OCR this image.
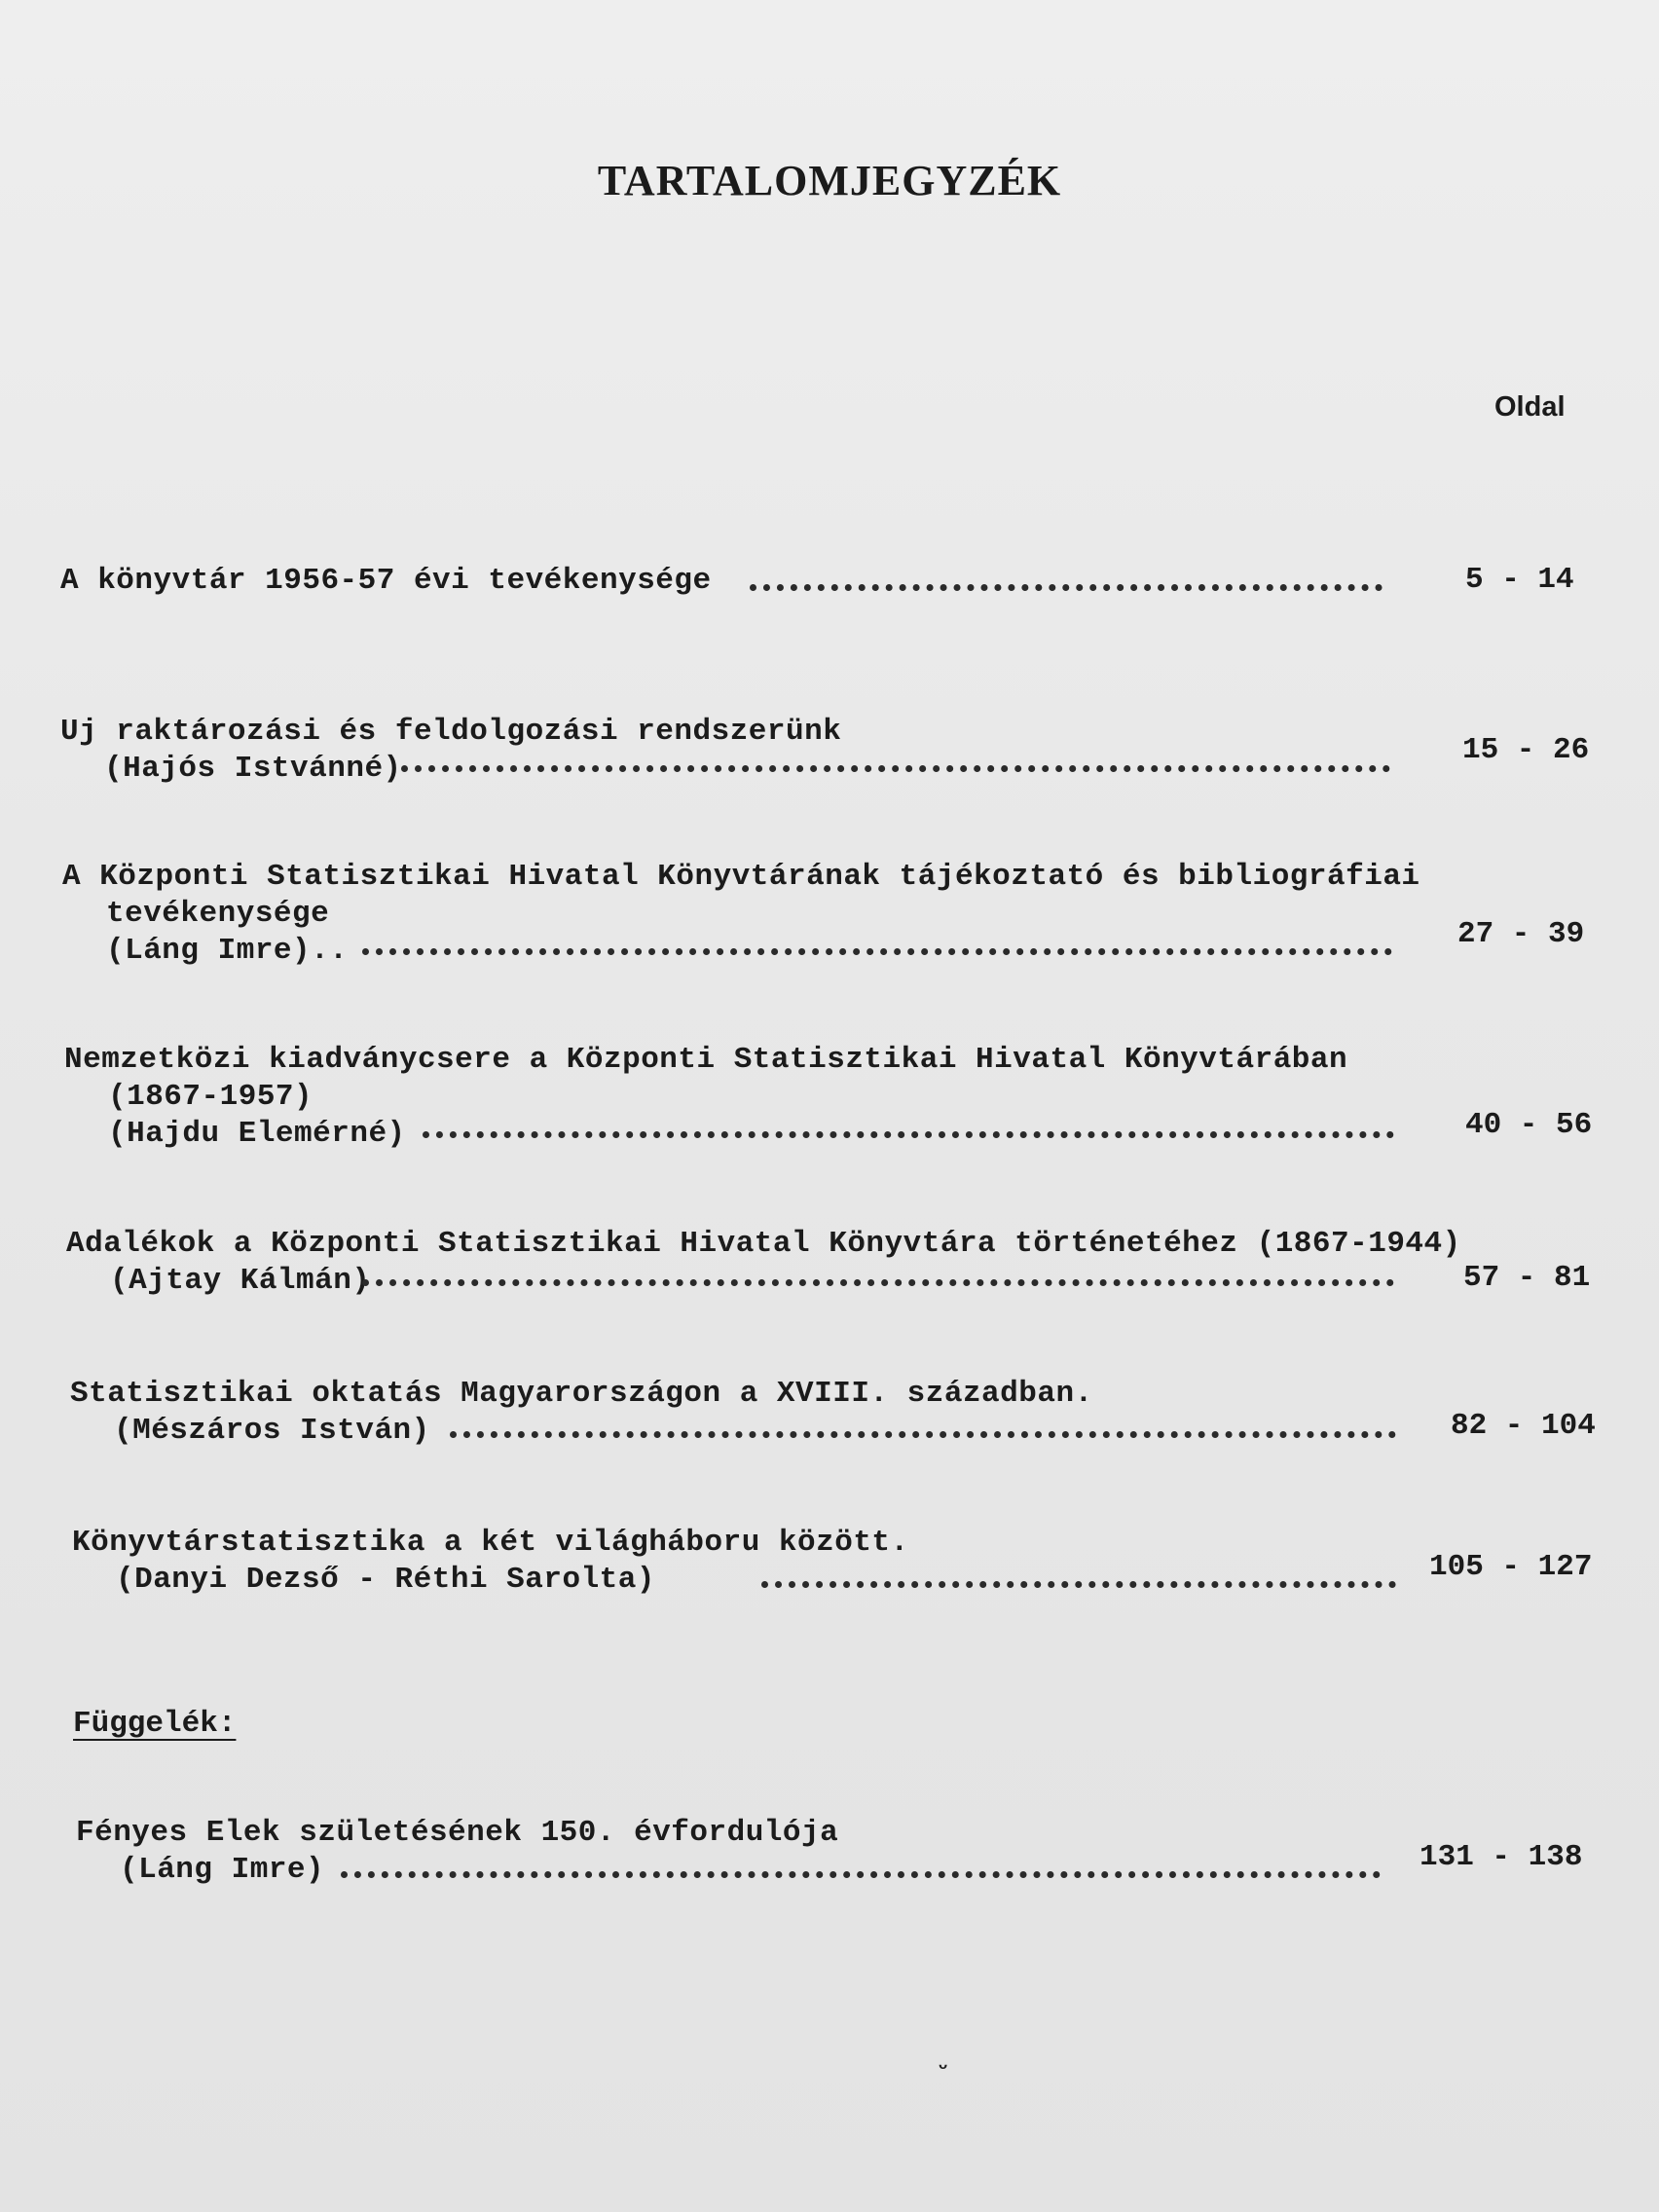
TARTALOMJEGYZÉK
Oldal
A könyvtár 1956-57 évi tevékenysége	5 - 14
Uj raktározási és feldolgozási rendszerünk
(Hajós Istvánné)
15 - 26
A Központi Statisztikai Hivatal Könyvtárának tájékoztató és bibliográfiai
tevékenysége
(Láng Imre)..	27 - 39
Nemzetközi kiadványcsere a Központi Statisztikai Hivatal Könyvtárában
(1867-1957)
(Hajdu Elemérné)	40 - 56
Adalékok a Központi Statisztikai Hivatal Könyvtára történetéhez (1867-1944)
(Ajtay Kálmán)	57 - 81
Statisztikai oktatás Magyarországon a XVIII. században.
(Mészáros István)	82 - 104
Könyvtárstatisztika a két világháboru között.
(Danyi Dezső - Réthi Sarolta)	105 - 127
Függelék:
Fényes Elek születésének 150. évfordulója
(Láng Imre)	131 - 138
ᵕ
